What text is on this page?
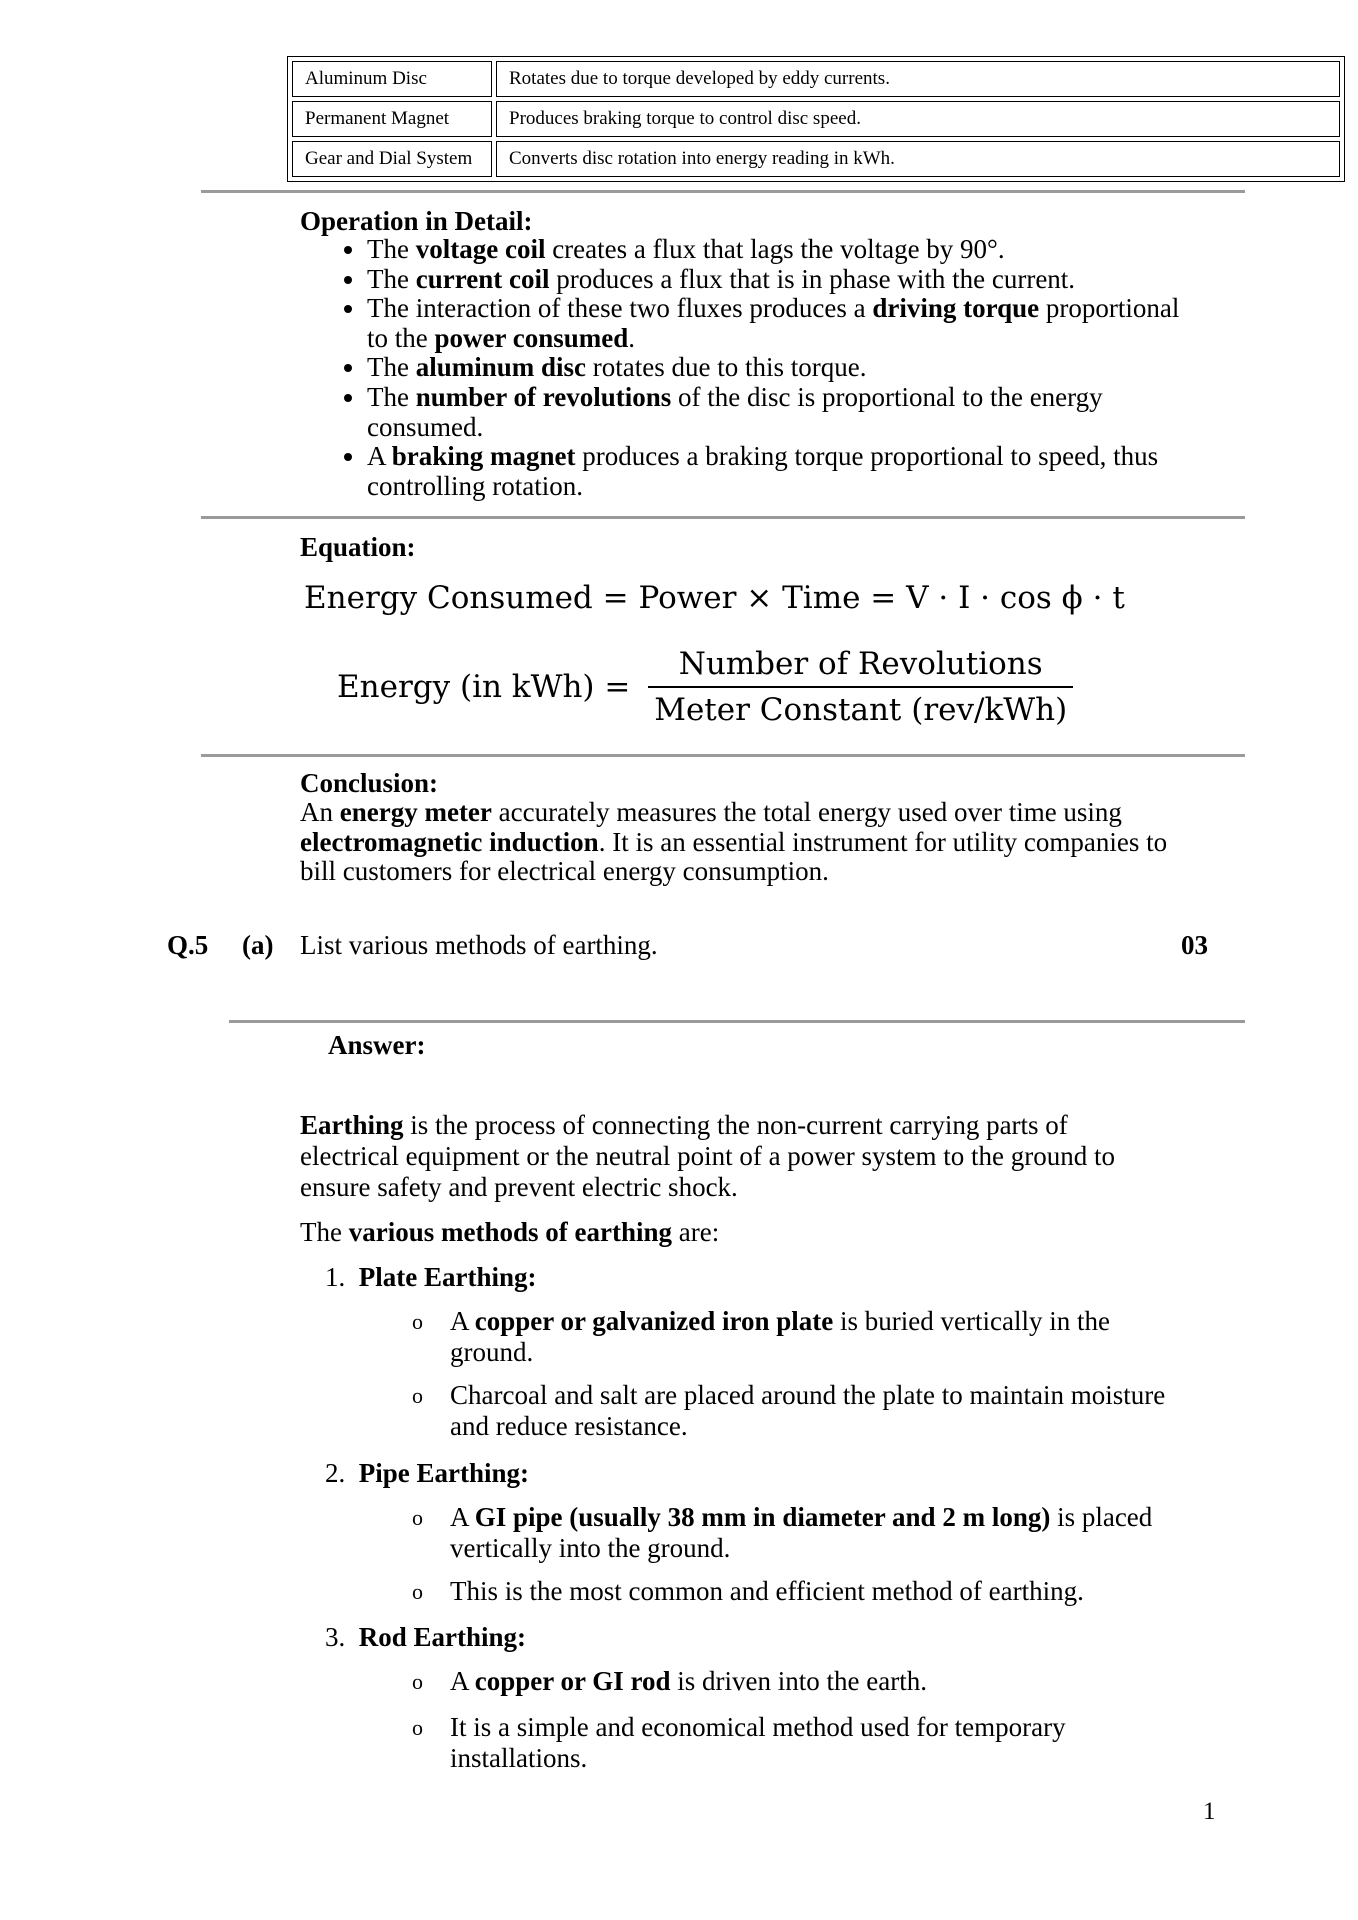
Aluminum Disc	Rotates due to torque developed by eddy currents.
Permanent Magnet	Produces braking torque to control disc speed.
Gear and Dial System	Converts disc rotation into energy reading in kWh.
Operation in Detail:
• The voltage coil creates a flux that lags the voltage by 90°.
• The current coil produces a flux that is in phase with the current.
• The interaction of these two fluxes produces a driving torque proportional to the power consumed.
• The aluminum disc rotates due to this torque.
• The number of revolutions of the disc is proportional to the energy consumed.
• A braking magnet produces a braking torque proportional to speed, thus controlling rotation.
Equation:
Energy Consumed = Power × Time = V · I · cos ϕ · t
Energy (in $kWh) = \frac{\text{Number of Revolutions}}{\text{Meter Constant (rev/kWh)}}$
Conclusion:
An energy meter accurately measures the total energy used over time using electromagnetic induction. It is an essential instrument for utility companies to bill customers for electrical energy consumption.
Q.5 (a) List various methods of earthing.	03
Answer:
Earthing is the process of connecting the non-current carrying parts of electrical equipment or the neutral point of a power system to the ground to ensure safety and prevent electric shock.
The various methods of earthing are:
1. Plate Earthing:
o A copper or galvanized iron plate is buried vertically in the ground.
o Charcoal and salt are placed around the plate to maintain moisture and reduce resistance.
2. Pipe Earthing:
o A GI pipe (usually 38 mm in diameter and 2 m long) is placed vertically into the ground.
o This is the most common and efficient method of earthing.
3. Rod Earthing:
o A copper or GI rod is driven into the earth.
o It is a simple and economical method used for temporary installations.
1
